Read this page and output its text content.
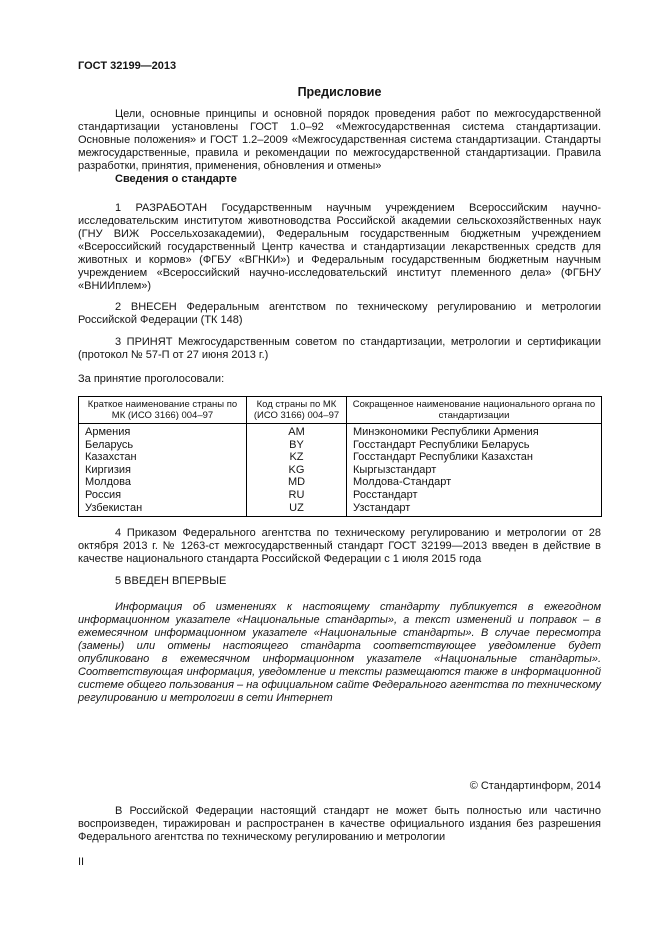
ГОСТ 32199—2013
Предисловие
Цели, основные принципы и основной порядок проведения работ по межгосударственной стандартизации установлены ГОСТ 1.0–92 «Межгосударственная система стандартизации. Основные положения» и ГОСТ 1.2–2009 «Межгосударственная система стандартизации. Стандарты межгосударственные, правила и рекомендации по межгосударственной стандартизации. Правила разработки, принятия, применения, обновления и отмены»
Сведения о стандарте
1 РАЗРАБОТАН Государственным научным учреждением Всероссийским научно-исследовательским институтом животноводства Российской академии сельскохозяйственных наук (ГНУ ВИЖ Россельхозакадемии), Федеральным государственным бюджетным учреждением «Всероссийский государственный Центр качества и стандартизации лекарственных средств для животных и кормов» (ФГБУ «ВГНКИ») и Федеральным государственным бюджетным научным учреждением «Всероссийский научно-исследовательский институт племенного дела» (ФГБНУ «ВНИИплем»)
2 ВНЕСЕН Федеральным агентством по техническому регулированию и метрологии Российской Федерации (ТК 148)
3 ПРИНЯТ Межгосударственным советом по стандартизации, метрологии и сертификации (протокол № 57-П от 27 июня 2013 г.)
За принятие проголосовали:
Краткое наименование страны по МК (ИСО 3166) 004–97	Код страны по МК (ИСО 3166) 004–97	Сокращенное наименование национального органа по стандартизации
Армения	AM	Минэкономики Республики Армения
Беларусь	BY	Госстандарт Республики Беларусь
Казахстан	KZ	Госстандарт Республики Казахстан
Киргизия	KG	Кыргызстандарт
Молдова	MD	Молдова-Стандарт
Россия	RU	Росстандарт
Узбекистан	UZ	Узстандарт
4 Приказом Федерального агентства по техническому регулированию и метрологии от 28 октября 2013 г. № 1263-ст межгосударственный стандарт ГОСТ 32199—2013 введен в действие в качестве национального стандарта Российской Федерации с 1 июля 2015 года
5 ВВЕДЕН ВПЕРВЫЕ
Информация об изменениях к настоящему стандарту публикуется в ежегодном информационном указателе «Национальные стандарты», а текст изменений и поправок – в ежемесячном информационном указателе «Национальные стандарты». В случае пересмотра (замены) или отмены настоящего стандарта соответствующее уведомление будет опубликовано в ежемесячном информационном указателе «Национальные стандарты». Соответствующая информация, уведомление и тексты размещаются также в информационной системе общего пользования – на официальном сайте Федерального агентства по техническому регулированию и метрологии в сети Интернет
© Стандартинформ, 2014
В Российской Федерации настоящий стандарт не может быть полностью или частично воспроизведен, тиражирован и распространен в качестве официального издания без разрешения Федерального агентства по техническому регулированию и метрологии
II
